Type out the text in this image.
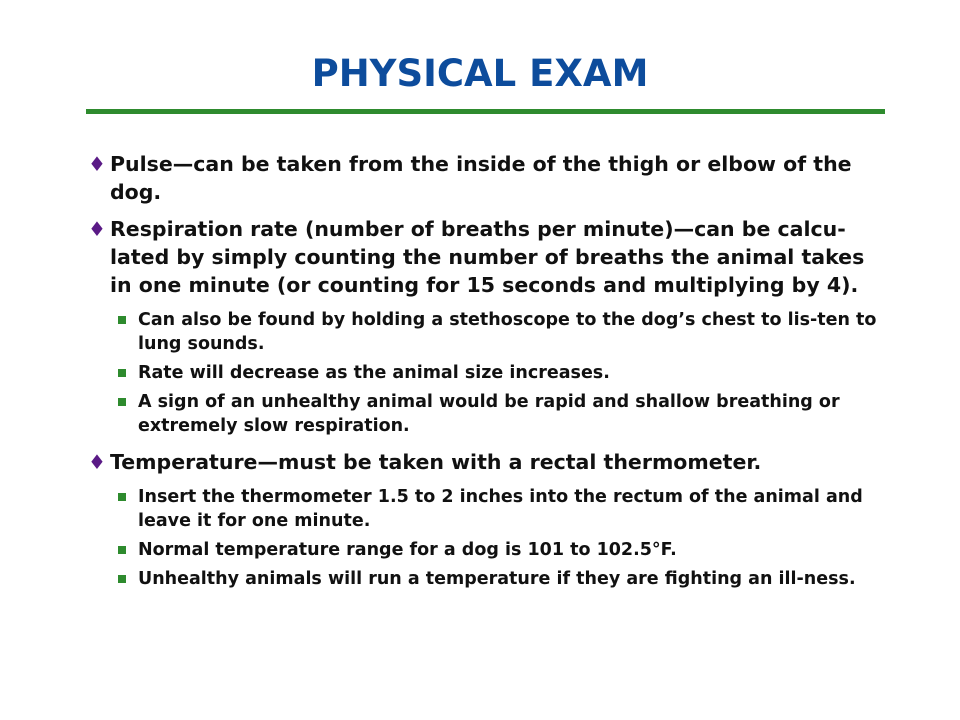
PHYSICAL EXAM
♦ Pulse—can be taken from the inside of the thigh or elbow of the dog.
♦ Respiration rate (number of breaths per minute)—can be calcu-lated by simply counting the number of breaths the animal takes in one minute (or counting for 15 seconds and multiplying by 4).
Can also be found by holding a stethoscope to the dog’s chest to lis-ten to lung sounds.
Rate will decrease as the animal size increases.
A sign of an unhealthy animal would be rapid and shallow breathing or extremely slow respiration.
♦ Temperature—must be taken with a rectal thermometer.
Insert the thermometer 1.5 to 2 inches into the rectum of the animal and leave it for one minute.
Normal temperature range for a dog is 101 to 102.5°F.
Unhealthy animals will run a temperature if they are fighting an ill-ness.
